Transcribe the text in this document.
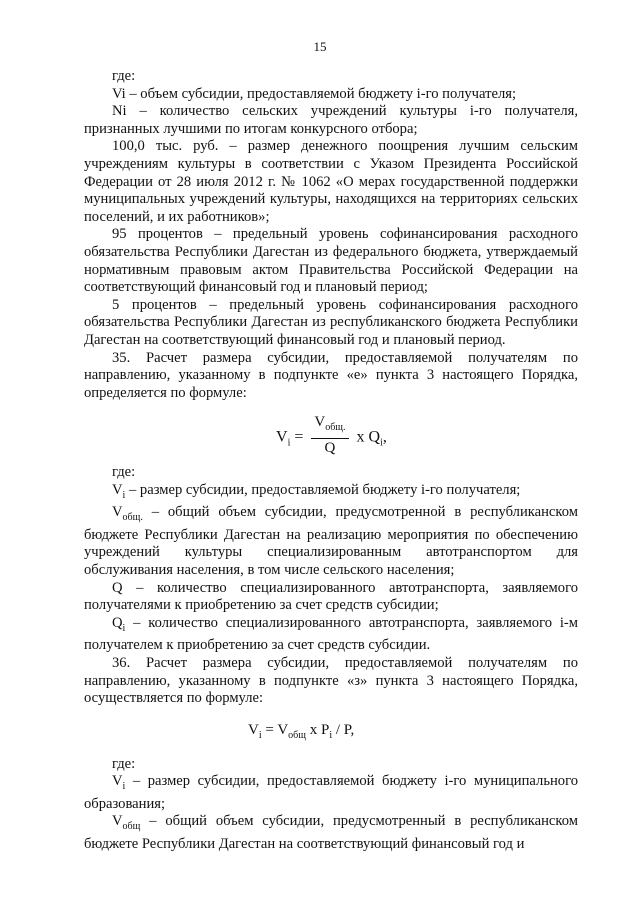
15

где:

Vi – объем субсидии, предоставляемой бюджету i-го получателя;

Ni – количество сельских учреждений культуры i-го получателя, признанных лучшими по итогам конкурсного отбора;

100,0 тыс. руб. – размер денежного поощрения лучшим сельским учреждениям культуры в соответствии с Указом Президента Российской Федерации от 28 июля 2012 г. № 1062 «О мерах государственной поддержки муниципальных учреждений культуры, находящихся на территориях сельских поселений, и их работников»;

95 процентов – предельный уровень софинансирования расходного обязательства Республики Дагестан из федерального бюджета, утверждаемый нормативным правовым актом Правительства Российской Федерации на соответствующий финансовый год и плановый период;

5 процентов – предельный уровень софинансирования расходного обязательства Республики Дагестан из республиканского бюджета Республики Дагестан на соответствующий финансовый год и плановый период.

35. Расчет размера субсидии, предоставляемой получателям по направлению, указанному в подпункте «е» пункта 3 настоящего Порядка, определяется по формуле:

$V_i = \frac{V_{общ.}}{Q}$ x $Q_i$,

где:

$V_i$ – размер субсидии, предоставляемой бюджету i-го получателя;

$V_{общ.}$ – общий объем субсидии, предусмотренной в республиканском бюджете Республики Дагестан на реализацию мероприятия по обеспечению учреждений культуры специализированным автотранспортом для обслуживания населения, в том числе сельского населения;

Q – количество специализированного автотранспорта, заявляемого получателями к приобретению за счет средств субсидии;

$Q_i$ – количество специализированного автотранспорта, заявляемого i-м получателем к приобретению за счет средств субсидии.

36. Расчет размера субсидии, предоставляемой получателям по направлению, указанному в подпункте «з» пункта 3 настоящего Порядка, осуществляется по формуле:

$V_i = V_{общ}$ x $P_i$ / P,

где:

$V_i$ – размер субсидии, предоставляемой бюджету i-го муниципального образования;

$V_{общ}$ – общий объем субсидии, предусмотренный в республиканском бюджете Республики Дагестан на соответствующий финансовый год и
